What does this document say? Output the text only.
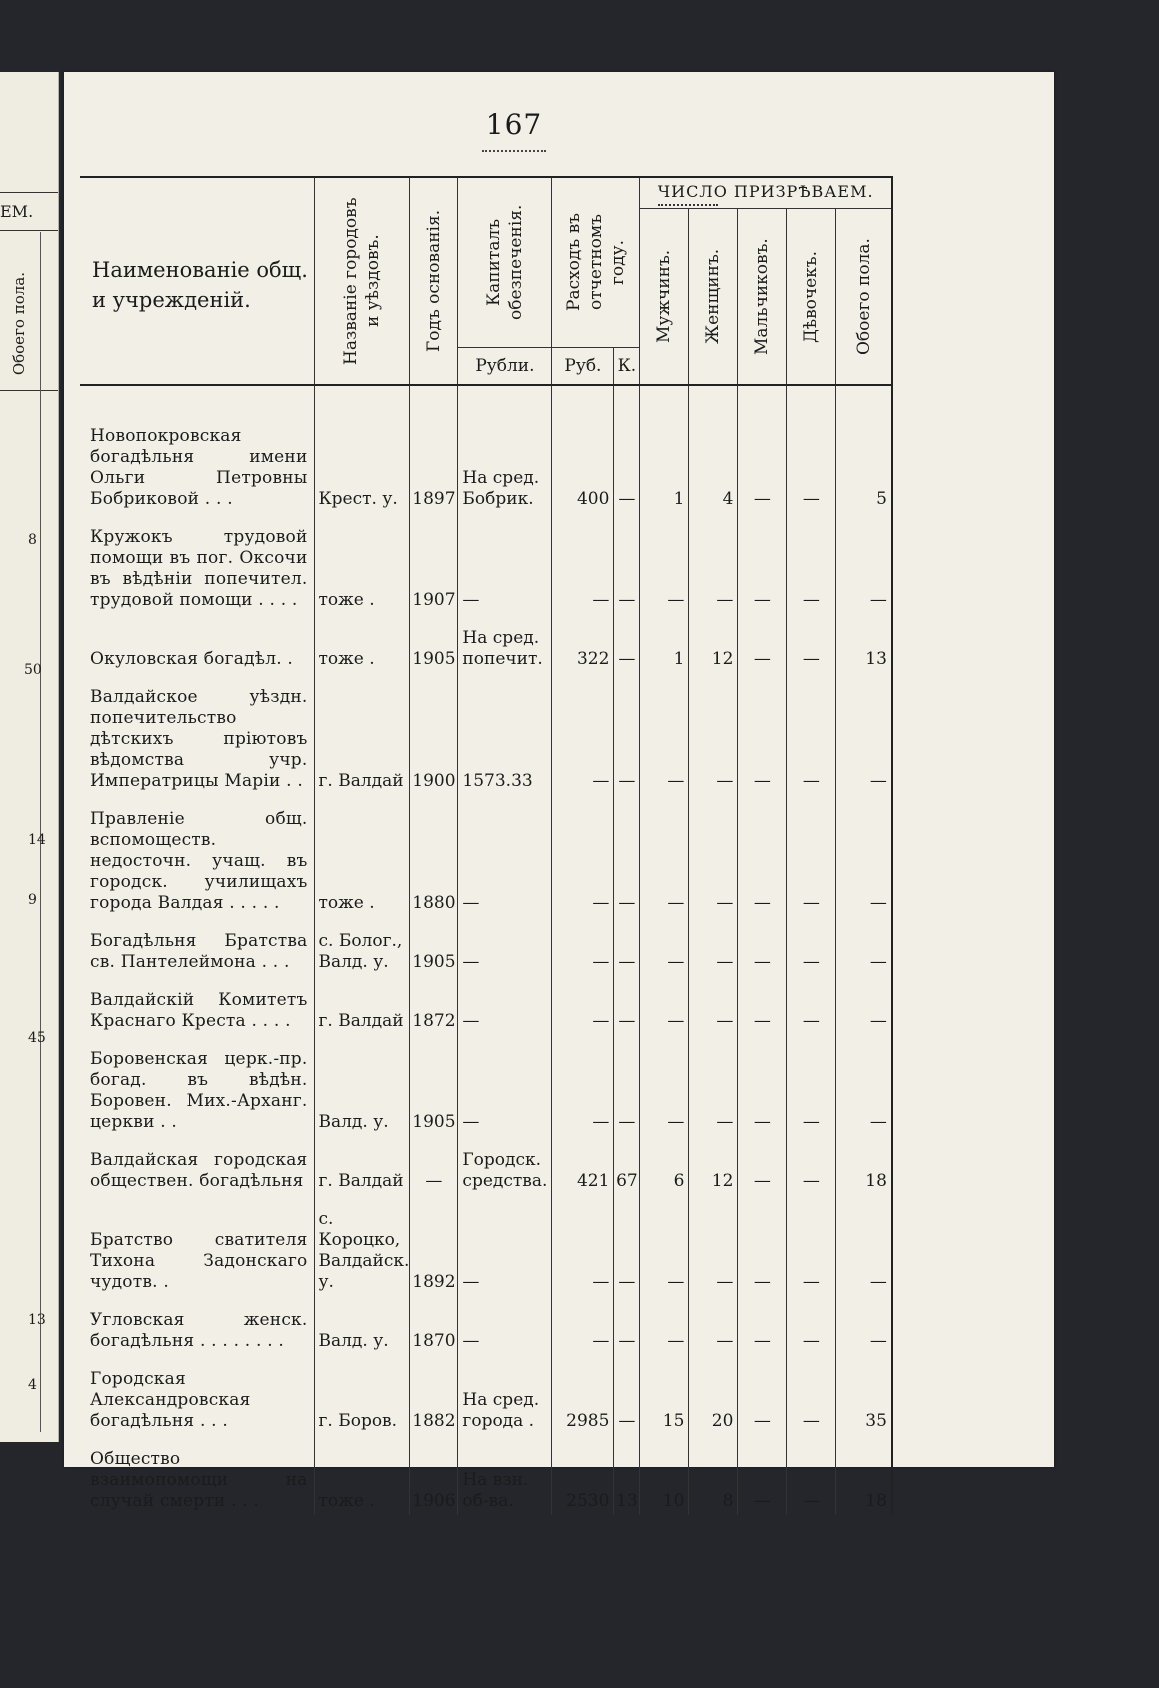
ЕМ.
Обоего пола.
8
50
14
9
45
13
4
167
Наименованіе общ. и учрежденій.	Названіе городовъ и уѣздовъ.	Годъ основанія.	Капиталъ обезпеченія.	Расходъ въ отчетномъ году.		ЧИСЛО ПРИЗРѢВАЕМ.				

						Мужчинъ.	Женщинъ.	Мальчиковъ.	Дѣвочекъ.	Обоего пола.

			Рубли.	Руб.	К.					
Новопокровская богадѣльня имени Ольги Петровны Бобриковой . . .	Крест. у.	1897	На сред. Бобрик.	400	—	1	4	—	—	5
Кружокъ трудовой помощи въ пог. Оксочи въ вѣдѣніи попечител. трудовой помощи . . . .	тоже .	1907	—	—	—	—	—	—	—	—
Окуловская богадѣл. .	тоже .	1905	На сред. попечит.	322	—	1	12	—	—	13
Валдайское уѣздн. попечительство дѣтскихъ пріютовъ вѣдомства учр. Императрицы Маріи . .	г. Валдай	1900	1573.33	—	—	—	—	—	—	—
Правленіе общ. вспомоществ. недосточн. учащ. въ городск. училищахъ города Валдая . . . . .	тоже .	1880	—	—	—	—	—	—	—	—
Богадѣльня Братства св. Пантелеймона . . .	с. Болог., Валд. у.	1905	—	—	—	—	—	—	—	—
Валдайскій Комитетъ Краснаго Креста . . . .	г. Валдай	1872	—	—	—	—	—	—	—	—
Боровенская церк.-пр. богад. въ вѣдѣн. Боровен. Мих.-Арханг. церкви . .	Валд. у.	1905	—	—	—	—	—	—	—	—
Валдайская городская обществен. богадѣльня	г. Валдай	—	Городск. средства.	421	67	6	12	—	—	18
Братство сватителя Тихона Задонскаго чудотв. .	с. Короцко, Валдайск. у.	1892	—	—	—	—	—	—	—	—
Угловская женск. богадѣльня . . . . . . . .	Валд. у.	1870	—	—	—	—	—	—	—	—
Городская Александровская богадѣльня . . .	г. Боров.	1882	На сред. города .	2985	—	15	20	—	—	35
Общество взаимопомощи на случай смерти . . .	тоже .	1906	На взн. об-ва.	2530	13	10	8	—	—	18
